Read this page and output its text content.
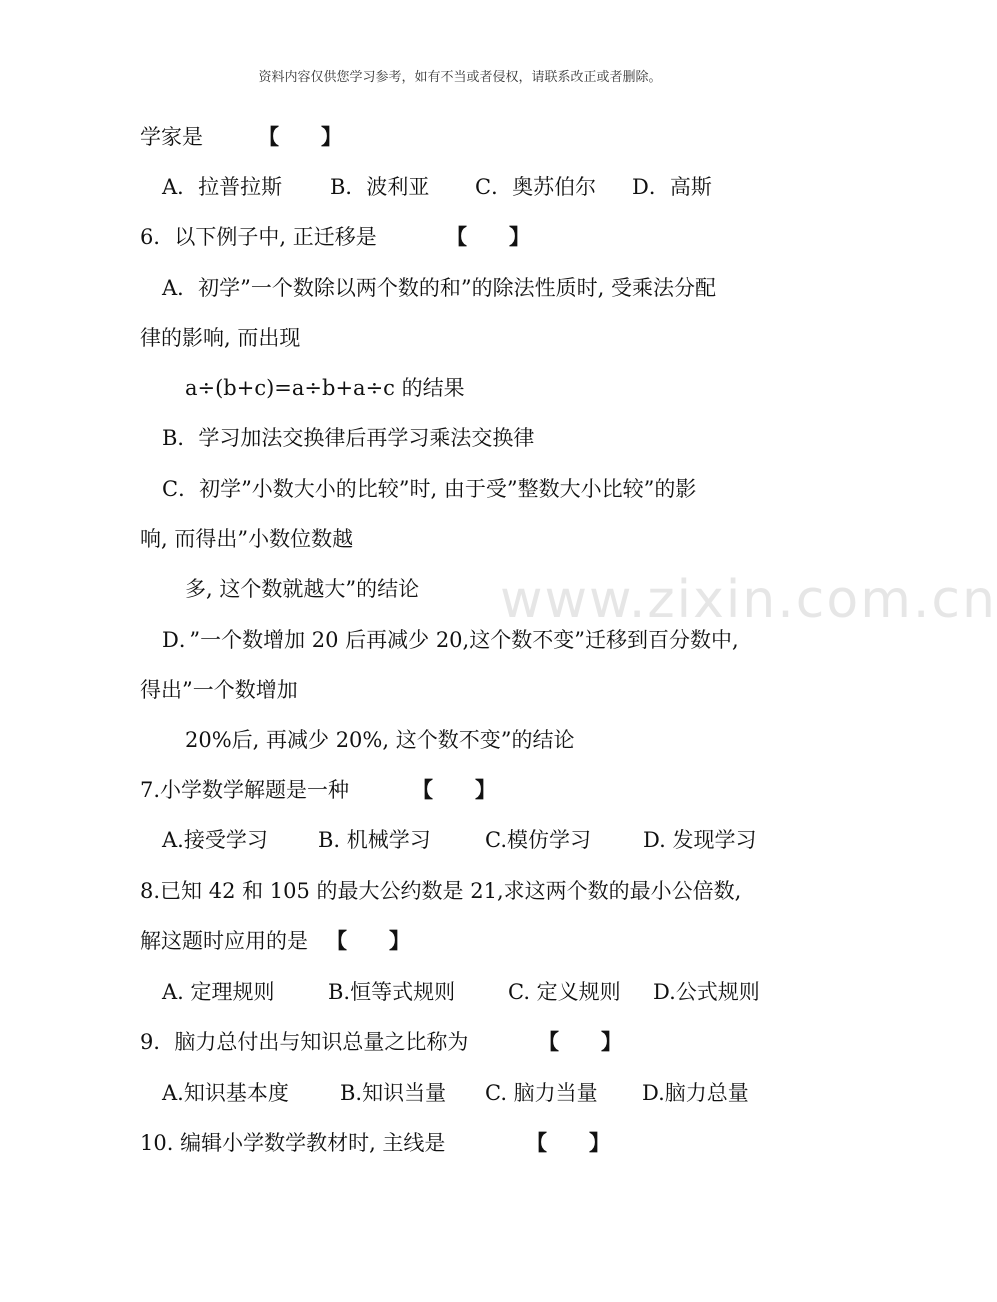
资料内容仅供您学习参考，如有不当或者侵权，请联系改正或者删除。
www.zixin.com.cn
学家是	【　　】
A．拉普拉斯 B．波利亚 C．奥苏伯尔 D．高斯
6．以下例子中, 正迁移是	【　　】
A．初学”一个数除以两个数的和”的除法性质时, 受乘法分配
律的影响, 而出现
a÷(b+c)=a÷b+a÷c 的结果
B．学习加法交换律后再学习乘法交换律
C．初学”小数大小的比较”时, 由于受”整数大小比较”的影
响, 而得出”小数位数越
多, 这个数就越大”的结论
D．”一个数增加 20 后再减少 20,这个数不变”迁移到百分数中,
得出”一个数增加
20%后, 再减少 20%, 这个数不变”的结论
7.小学数学解题是一种	【　　】
A.接受学习 B. 机械学习	C.模仿学习 D. 发现学习
8.已知 42 和 105 的最大公约数是 21,求这两个数的最小公倍数,
解这题时应用的是 【　　】
A. 定理规则	B.恒等式规则	C. 定义规则 D.公式规则
9．脑力总付出与知识总量之比称为	【　　】
A.知识基本度 B.知识当量 C. 脑力当量 D.脑力总量
10. 编辑小学数学教材时, 主线是	【　　】
